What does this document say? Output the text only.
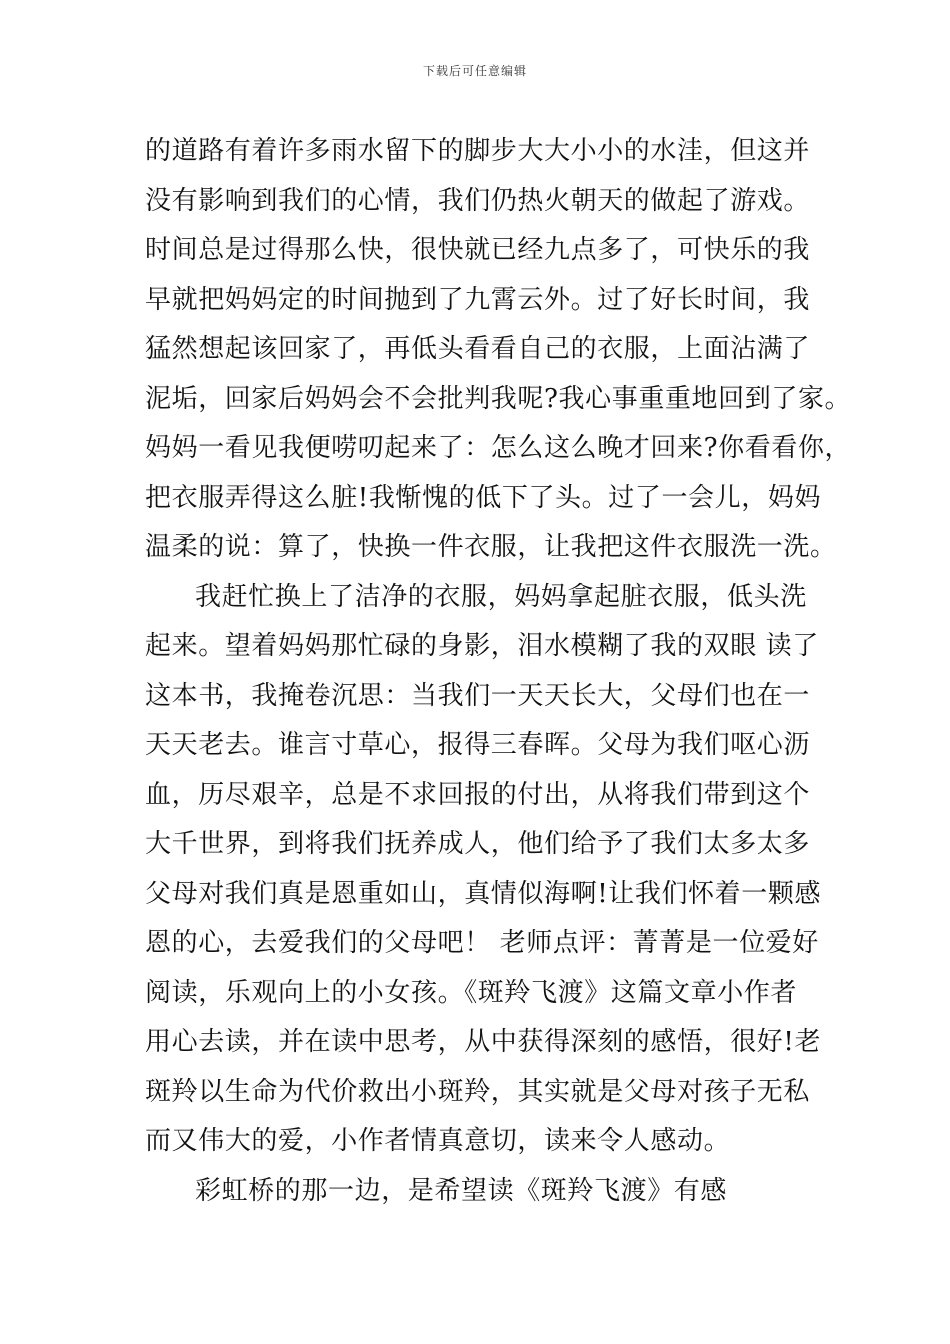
下载后可任意编辑
的道路有着许多雨水留下的脚步大大小小的水洼，但这并
没有影响到我们的心情，我们仍热火朝天的做起了游戏。
时间总是过得那么快，很快就已经九点多了，可快乐的我
早就把妈妈定的时间抛到了九霄云外。过了好长时间，我
猛然想起该回家了，再低头看看自己的衣服，上面沾满了
泥垢，回家后妈妈会不会批判我呢?我心事重重地回到了家。
妈妈一看见我便唠叨起来了：怎么这么晚才回来?你看看你，
把衣服弄得这么脏!我惭愧的低下了头。过了一会儿，妈妈
温柔的说：算了，快换一件衣服，让我把这件衣服洗一洗。
我赶忙换上了洁净的衣服，妈妈拿起脏衣服，低头洗
起来。望着妈妈那忙碌的身影，泪水模糊了我的双眼 读了
这本书，我掩卷沉思：当我们一天天长大，父母们也在一
天天老去。谁言寸草心，报得三春晖。父母为我们呕心沥
血，历尽艰辛，总是不求回报的付出，从将我们带到这个
大千世界，到将我们抚养成人，他们给予了我们太多太多
父母对我们真是恩重如山，真情似海啊!让我们怀着一颗感
恩的心，去爱我们的父母吧！ 老师点评：菁菁是一位爱好
阅读，乐观向上的小女孩。《斑羚飞渡》这篇文章小作者
用心去读，并在读中思考，从中获得深刻的感悟，很好!老
斑羚以生命为代价救出小斑羚，其实就是父母对孩子无私
而又伟大的爱，小作者情真意切，读来令人感动。
彩虹桥的那一边，是希望读《斑羚飞渡》有感
